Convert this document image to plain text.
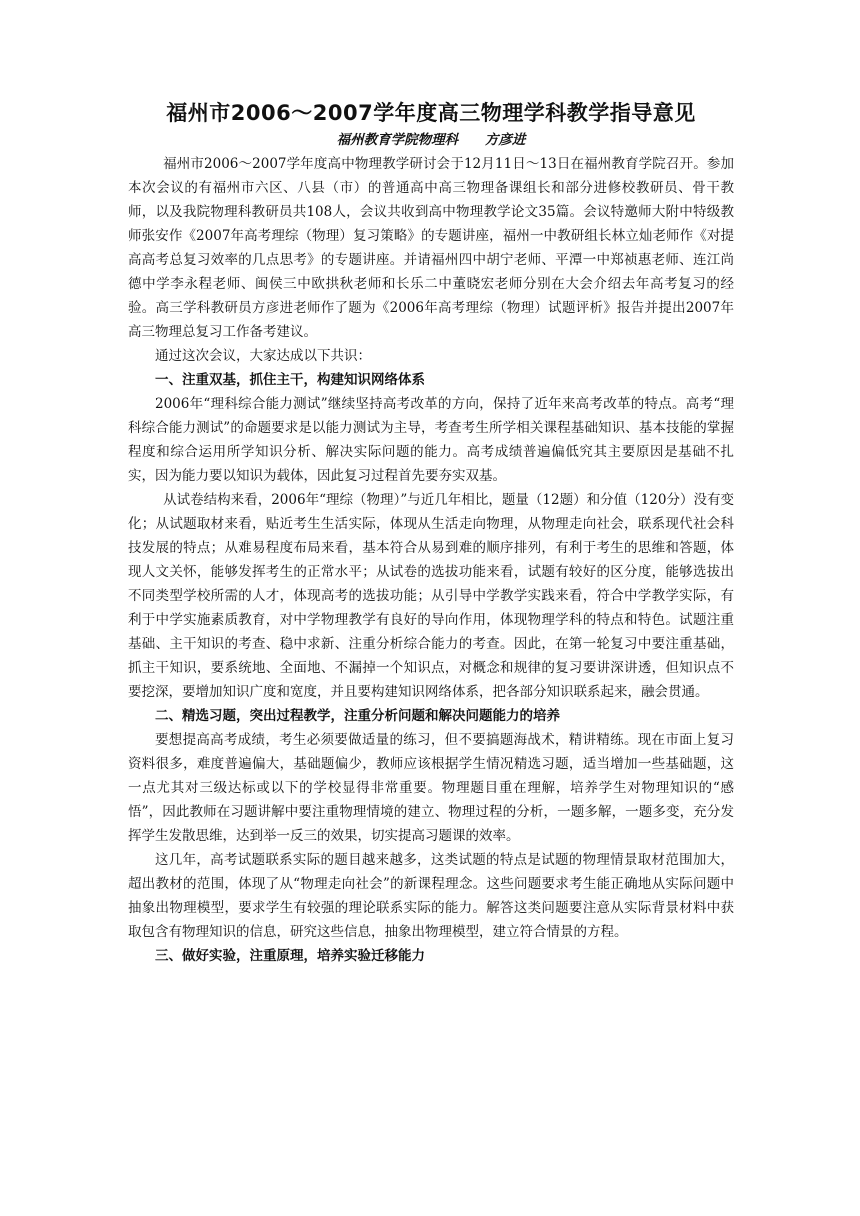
福州市2006～2007学年度高三物理学科教学指导意见

福州教育学院物理科 方彦进

福州市2006～2007学年度高中物理教学研讨会于12月11日～13日在福州教育学院召开。参加本次会议的有福州市六区、八县（市）的普通高中高三物理备课组长和部分进修校教研员、骨干教师，以及我院物理科教研员共108人，会议共收到高中物理教学论文35篇。会议特邀师大附中特级教师张安作《2007年高考理综（物理）复习策略》的专题讲座，福州一中教研组长林立灿老师作《对提高高考总复习效率的几点思考》的专题讲座。并请福州四中胡宁老师、平潭一中郑祯惠老师、连江尚德中学李永程老师、闽侯三中欧拱秋老师和长乐二中董晓宏老师分别在大会介绍去年高考复习的经验。高三学科教研员方彦进老师作了题为《2006年高考理综（物理）试题评析》报告并提出2007年高三物理总复习工作备考建议。

通过这次会议，大家达成以下共识：

一、注重双基，抓住主干，构建知识网络体系

2006年“理科综合能力测试”继续坚持高考改革的方向，保持了近年来高考改革的特点。高考“理科综合能力测试”的命题要求是以能力测试为主导，考查考生所学相关课程基础知识、基本技能的掌握程度和综合运用所学知识分析、解决实际问题的能力。高考成绩普遍偏低究其主要原因是基础不扎实，因为能力要以知识为载体，因此复习过程首先要夯实双基。

从试卷结构来看，2006年“理综（物理）”与近几年相比，题量（12题）和分值（120分）没有变化；从试题取材来看，贴近考生生活实际，体现从生活走向物理，从物理走向社会，联系现代社会科技发展的特点；从难易程度布局来看，基本符合从易到难的顺序排列，有利于考生的思维和答题，体现人文关怀，能够发挥考生的正常水平；从试卷的选拔功能来看，试题有较好的区分度，能够选拔出不同类型学校所需的人才，体现高考的选拔功能；从引导中学教学实践来看，符合中学教学实际，有利于中学实施素质教育，对中学物理教学有良好的导向作用，体现物理学科的特点和特色。试题注重基础、主干知识的考查、稳中求新、注重分析综合能力的考查。因此，在第一轮复习中要注重基础，抓主干知识，要系统地、全面地、不漏掉一个知识点，对概念和规律的复习要讲深讲透，但知识点不要挖深，要增加知识广度和宽度，并且要构建知识网络体系，把各部分知识联系起来，融会贯通。

二、精选习题，突出过程教学，注重分析问题和解决问题能力的培养

要想提高高考成绩，考生必须要做适量的练习，但不要搞题海战术，精讲精练。现在市面上复习资料很多，难度普遍偏大，基础题偏少，教师应该根据学生情况精选习题，适当增加一些基础题，这一点尤其对三级达标或以下的学校显得非常重要。物理题目重在理解，培养学生对物理知识的“感悟”，因此教师在习题讲解中要注重物理情境的建立、物理过程的分析，一题多解，一题多变，充分发挥学生发散思维，达到举一反三的效果，切实提高习题课的效率。

这几年，高考试题联系实际的题目越来越多，这类试题的特点是试题的物理情景取材范围加大，超出教材的范围，体现了从“物理走向社会”的新课程理念。这些问题要求考生能正确地从实际问题中抽象出物理模型，要求学生有较强的理论联系实际的能力。解答这类问题要注意从实际背景材料中获取包含有物理知识的信息，研究这些信息，抽象出物理模型，建立符合情景的方程。

三、做好实验，注重原理，培养实验迁移能力
